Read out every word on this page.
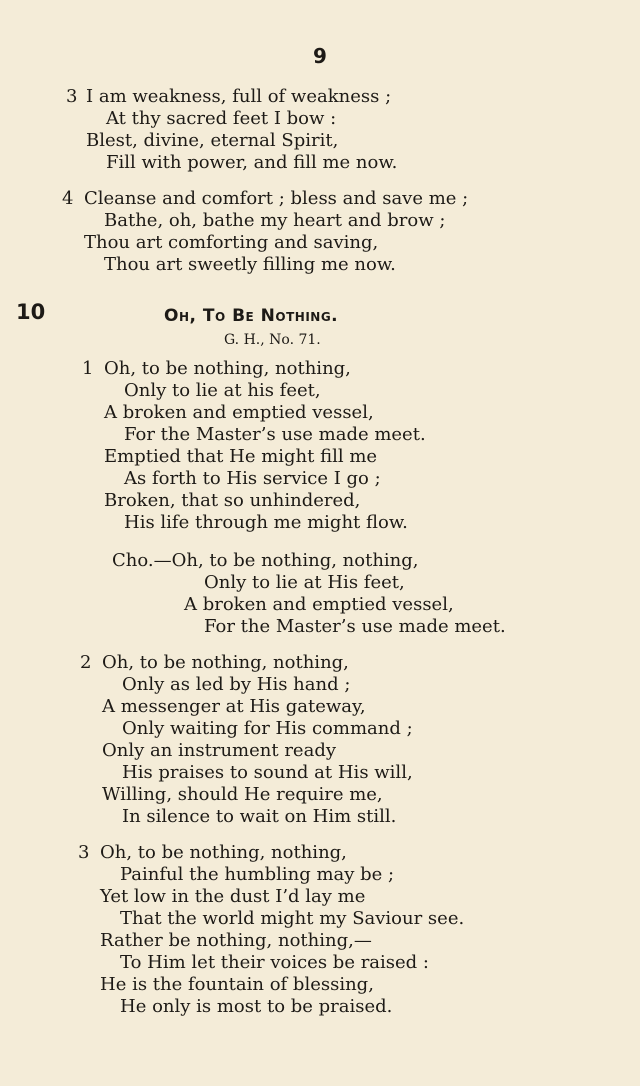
9
3 I am weakness, full of weakness ;
At thy sacred feet I bow :
Blest, divine, eternal Spirit,
Fill with power, and fill me now.
4 Cleanse and comfort ; bless and save me ;
Bathe, oh, bathe my heart and brow ;
Thou art comforting and saving,
Thou art sweetly filling me now.
10	Oh, To Be Nothing.
G. H., No. 71.
1 Oh, to be nothing, nothing,
Only to lie at his feet,
A broken and emptied vessel,
For the Master’s use made meet.
Emptied that He might fill me
As forth to His service I go ;
Broken, that so unhindered,
His life through me might flow.
Cho.—Oh, to be nothing, nothing,
Only to lie at His feet,
A broken and emptied vessel,
For the Master’s use made meet.
2 Oh, to be nothing, nothing,
Only as led by His hand ;
A messenger at His gateway,
Only waiting for His command ;
Only an instrument ready
His praises to sound at His will,
Willing, should He require me,
In silence to wait on Him still.
3 Oh, to be nothing, nothing,
Painful the humbling may be ;
Yet low in the dust I’d lay me
That the world might my Saviour see.
Rather be nothing, nothing,—
To Him let their voices be raised :
He is the fountain of blessing,
He only is most to be praised.
